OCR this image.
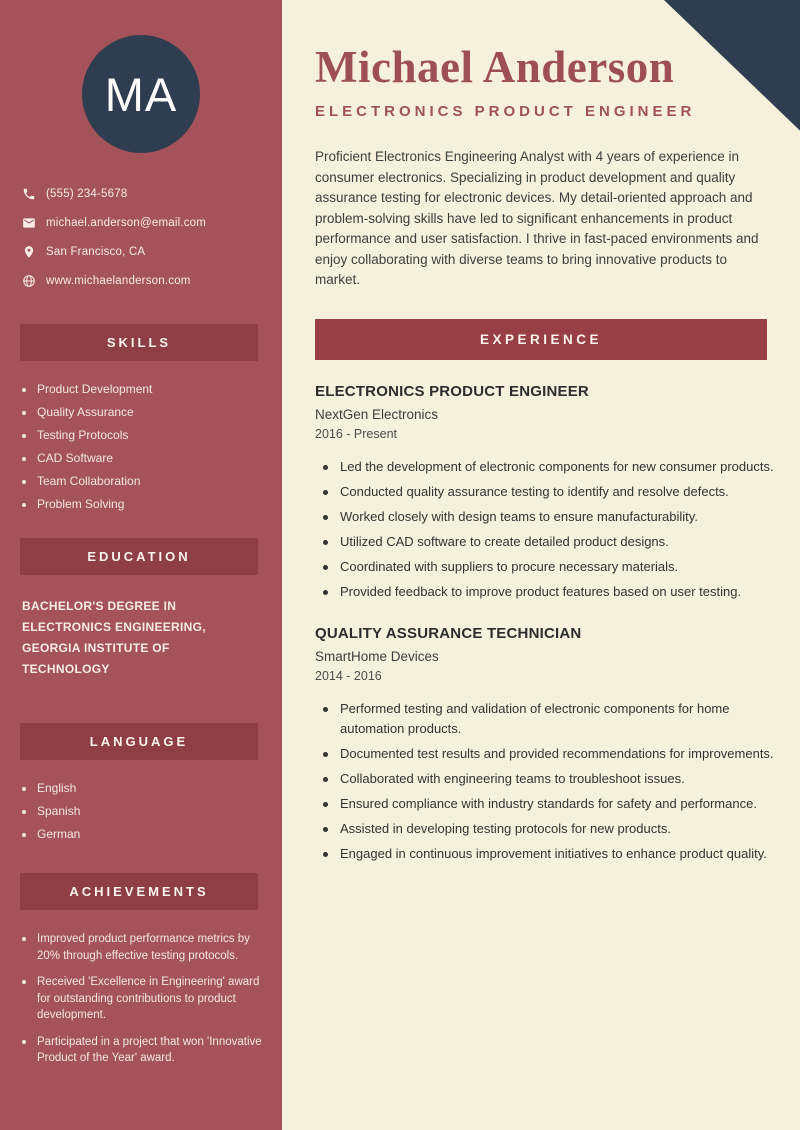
MA
(555) 234-5678
michael.anderson@email.com
San Francisco, CA
www.michaelanderson.com
SKILLS
Product Development
Quality Assurance
Testing Protocols
CAD Software
Team Collaboration
Problem Solving
EDUCATION

BACHELOR'S DEGREE IN ELECTRONICS ENGINEERING, GEORGIA INSTITUTE OF TECHNOLOGY

LANGUAGE
English
Spanish
German
ACHIEVEMENTS
Improved product performance metrics by 20% through effective testing protocols.
Received 'Excellence in Engineering' award for outstanding contributions to product development.
Participated in a project that won 'Innovative Product of the Year' award.
Michael Anderson
ELECTRONICS PRODUCT ENGINEER

Proficient Electronics Engineering Analyst with 4 years of experience in consumer electronics. Specializing in product development and quality assurance testing for electronic devices. My detail-oriented approach and problem-solving skills have led to significant enhancements in product performance and user satisfaction. I thrive in fast-paced environments and enjoy collaborating with diverse teams to bring innovative products to market.

EXPERIENCE
ELECTRONICS PRODUCT ENGINEER
NextGen Electronics
2016 - Present
Led the development of electronic components for new consumer products.
Conducted quality assurance testing to identify and resolve defects.
Worked closely with design teams to ensure manufacturability.
Utilized CAD software to create detailed product designs.
Coordinated with suppliers to procure necessary materials.
Provided feedback to improve product features based on user testing.
QUALITY ASSURANCE TECHNICIAN
SmartHome Devices
2014 - 2016
Performed testing and validation of electronic components for home automation products.
Documented test results and provided recommendations for improvements.
Collaborated with engineering teams to troubleshoot issues.
Ensured compliance with industry standards for safety and performance.
Assisted in developing testing protocols for new products.
Engaged in continuous improvement initiatives to enhance product quality.
